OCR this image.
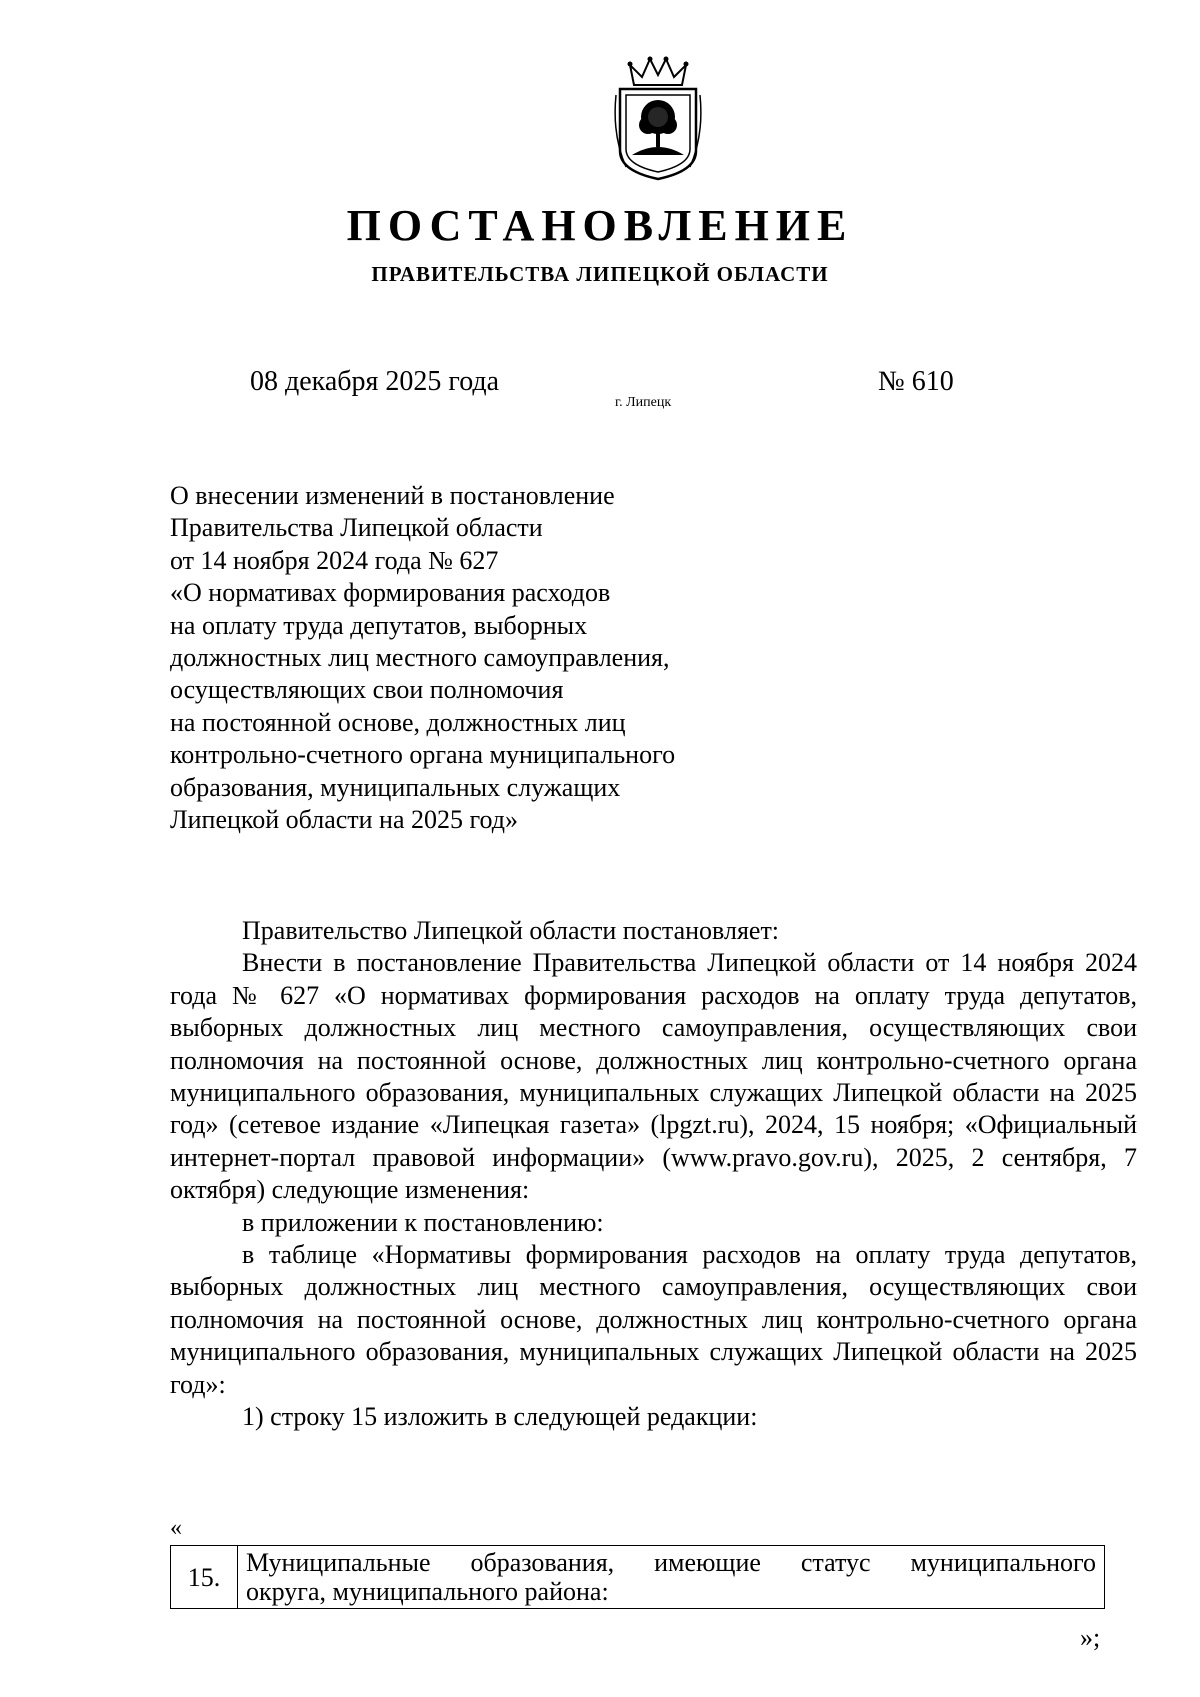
ПОСТАНОВЛЕНИЕ
ПРАВИТЕЛЬСТВА ЛИПЕЦКОЙ ОБЛАСТИ
08 декабря 2025 года
г. Липецк
№ 610
О внесении изменений в постановление
Правительства Липецкой области
от 14 ноября 2024 года № 627
«О нормативах формирования расходов
на оплату труда депутатов, выборных
должностных лиц местного самоуправления,
осуществляющих свои полномочия
на постоянной основе, должностных лиц
контрольно-счетного органа муниципального
образования, муниципальных служащих
Липецкой области на 2025 год»

Правительство Липецкой области постановляет:

Внести в постановление Правительства Липецкой области от 14 ноября 2024 года № 627 «О нормативах формирования расходов на оплату труда депутатов, выборных должностных лиц местного самоуправления, осуществляющих свои полномочия на постоянной основе, должностных лиц контрольно-счетного органа муниципального образования, муниципальных служащих Липецкой области на 2025 год» (сетевое издание «Липецкая газета» (lpgzt.ru), 2024, 15 ноября; «Официальный интернет-портал правовой информации» (www.pravo.gov.ru), 2025, 2 сентября, 7 октября) следующие изменения:

в приложении к постановлению:

в таблице «Нормативы формирования расходов на оплату труда депутатов, выборных должностных лиц местного самоуправления, осуществляющих свои полномочия на постоянной основе, должностных лиц контрольно-счетного органа муниципального образования, муниципальных служащих Липецкой области на 2025 год»:

1) строку 15 изложить в следующей редакции:

«
15.	Муниципальные образования, имеющие статус муниципального
округа, муниципального района:
»;
